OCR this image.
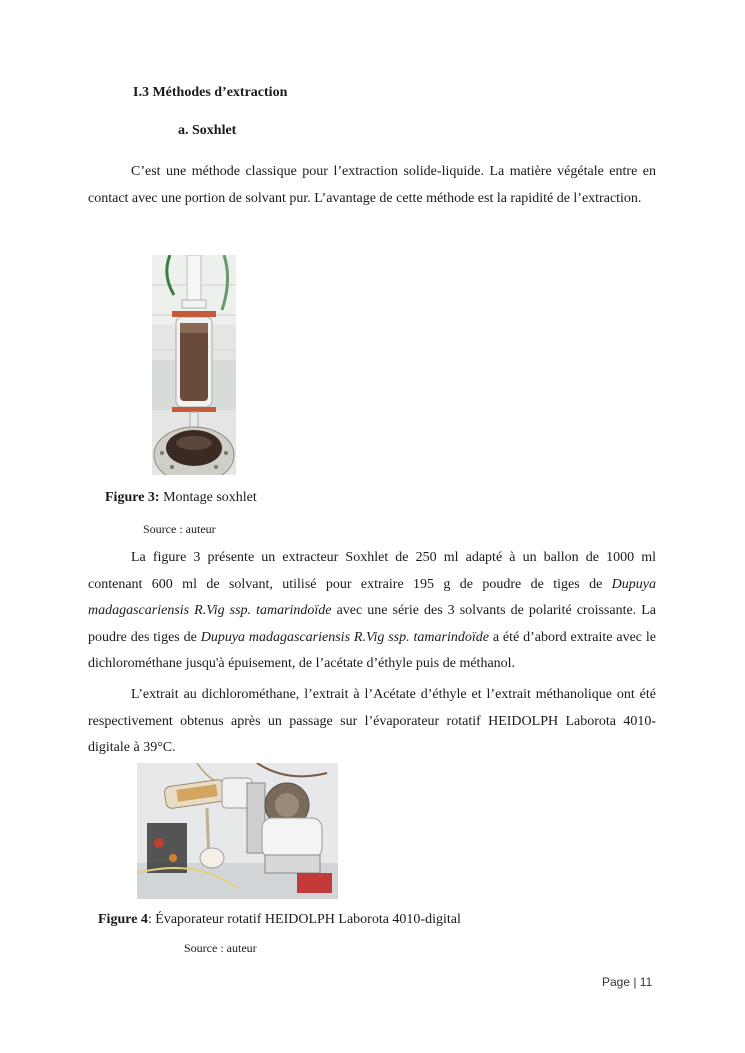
I.3 Méthodes d’extraction
a. Soxhlet
C’est une méthode classique pour l’extraction solide-liquide. La matière végétale entre en contact avec une portion de solvant pur. L’avantage de cette méthode est la rapidité de l’extraction.
Figure 3: Montage soxhlet
Source : auteur
La figure 3 présente un extracteur Soxhlet de 250 ml adapté à un ballon de 1000 ml contenant 600 ml de solvant, utilisé pour extraire 195 g de poudre de tiges de Dupuya madagascariensis R.Vig ssp. tamarindoïde avec une série des 3 solvants de polarité croissante. La poudre des tiges de Dupuya madagascariensis R.Vig ssp. tamarindoïde a été d’abord extraite avec le dichlorométhane jusqu'à épuisement, de l’acétate d’éthyle puis de méthanol.
L’extrait au dichlorométhane, l’extrait à l’Acétate d’éthyle et l’extrait méthanolique ont été respectivement obtenus après un passage sur l’évaporateur rotatif HEIDOLPH Laborota 4010-digitale à 39°C.
Figure 4: Évaporateur rotatif HEIDOLPH Laborota 4010-digital
Source : auteur
Page | 11
